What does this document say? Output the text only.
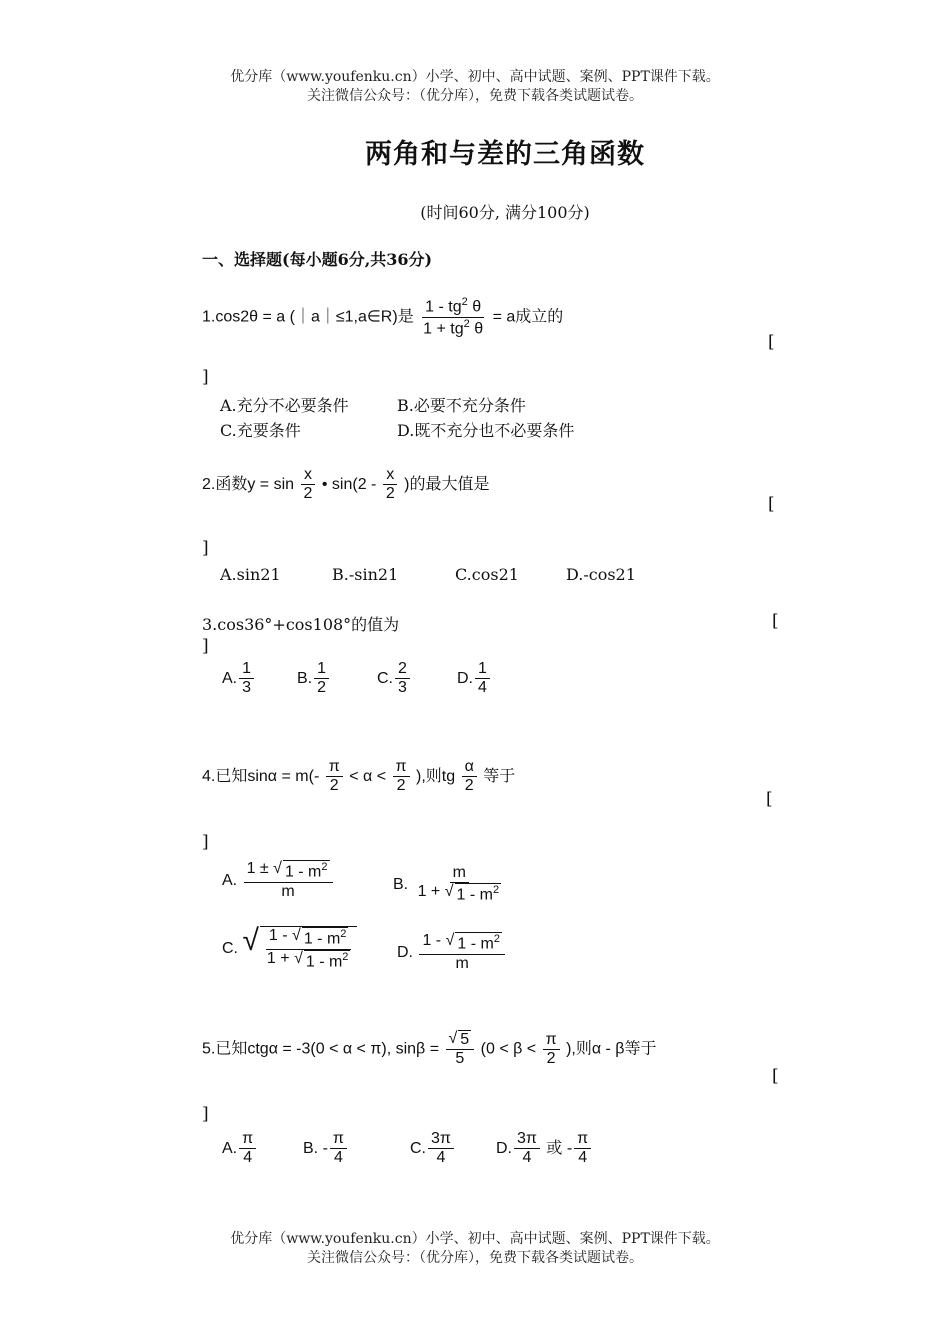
优分库（www.youfenku.cn）小学、初中、高中试题、案例、PPT课件下载。
关注微信公众号：（优分库），免费下载各类试题试卷。
两角和与差的三角函数
(时间60分, 满分100分)
一、选择题(每小题6分,共36分)
1.cos2θ = a (｜a｜≤1,a∈R)是 $\frac{1 - tg^2 \theta}{1 + tg^2 \theta} = a$成立的
[
]
A.充分不必要条件	B.必要不充分条件
C.充要条件	D.既不充分也不必要条件
2.函数$y = \sin \frac{x}{2}$ • $\sin(2 - \frac{x}{2}$ )的最大值是
[
]
A.sin21	B.-sin21	C.cos21	D.-cos21
3.cos36°+cos108°的值为	[
]
A. $\frac{1}{3}$	B. $\frac{1}{2}$	C. $\frac{2}{3}$	D. $\frac{1}{4}$
4.已知$\sin\alpha = m(- \frac{\pi}{2} < \alpha < \frac{\pi}{2}$ ),则tg $\frac{\alpha}{2}$ 等于
[
]
A. $\frac{1 \pm √ 1 - m^2}{m}$	B. $\frac{m}{1 + √ 1 - m^2}$
C. √ $\frac{1 - √ 1 - m^2}{1 + √ 1 - m^2}$	D. $\frac{1 - √ 1 - m^2}{m}$
5.已知ctgα = -3(0 < α < π), $\sin\beta = \frac{√ 5}{5} (0 < \beta < \frac{\pi}{2}$ ),则α - β等于
[
]
A. $\frac{\pi}{4}$	B. - $\frac{\pi}{4}$	C. $\frac{3\pi}{4}$	D. $\frac{3\pi}{4}$ 或 - $\frac{\pi}{4}$
优分库（www.youfenku.cn）小学、初中、高中试题、案例、PPT课件下载。
关注微信公众号：（优分库），免费下载各类试题试卷。
